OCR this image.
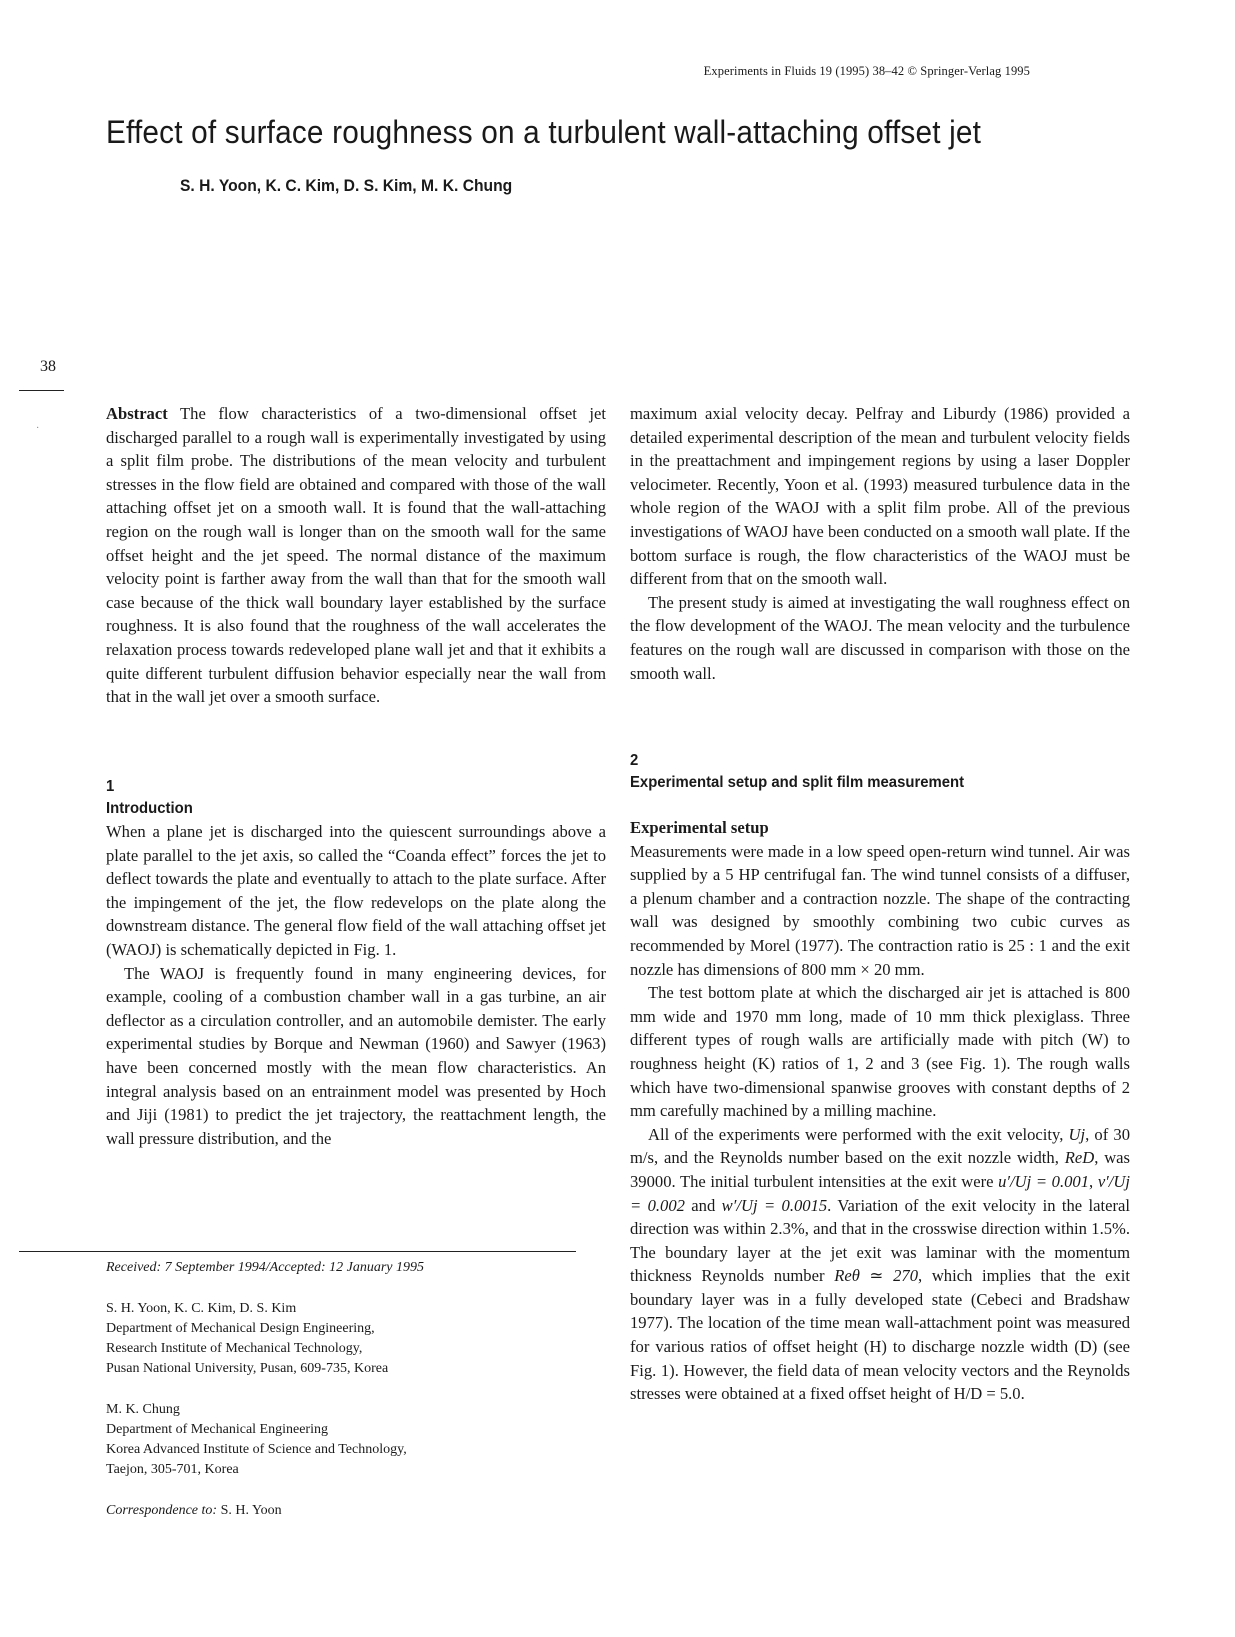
Experiments in Fluids 19 (1995) 38–42 © Springer-Verlag 1995
Effect of surface roughness on a turbulent wall-attaching offset jet
S. H. Yoon, K. C. Kim, D. S. Kim, M. K. Chung
38
·

Abstract The flow characteristics of a two-dimensional offset jet discharged parallel to a rough wall is experimentally investigated by using a split film probe. The distributions of the mean velocity and turbulent stresses in the flow field are obtained and compared with those of the wall attaching offset jet on a smooth wall. It is found that the wall-attaching region on the rough wall is longer than on the smooth wall for the same offset height and the jet speed. The normal distance of the maximum velocity point is farther away from the wall than that for the smooth wall case because of the thick wall boundary layer established by the surface roughness. It is also found that the roughness of the wall accelerates the relaxation process towards redeveloped plane wall jet and that it exhibits a quite different turbulent diffusion behavior especially near the wall from that in the wall jet over a smooth surface.

1
Introduction

When a plane jet is discharged into the quiescent surroundings above a plate parallel to the jet axis, so called the “Coanda effect” forces the jet to deflect towards the plate and eventually to attach to the plate surface. After the impingement of the jet, the flow redevelops on the plate along the downstream distance. The general flow field of the wall attaching offset jet (WAOJ) is schematically depicted in Fig. 1.

The WAOJ is frequently found in many engineering devices, for example, cooling of a combustion chamber wall in a gas turbine, an air deflector as a circulation controller, and an automobile demister. The early experimental studies by Borque and Newman (1960) and Sawyer (1963) have been concerned mostly with the mean flow characteristics. An integral analysis based on an entrainment model was presented by Hoch and Jiji (1981) to predict the jet trajectory, the reattachment length, the wall pressure distribution, and the

Received: 7 September 1994/Accepted: 12 January 1995

S. H. Yoon, K. C. Kim, D. S. Kim

Department of Mechanical Design Engineering,

Research Institute of Mechanical Technology,

Pusan National University, Pusan, 609-735, Korea

M. K. Chung

Department of Mechanical Engineering

Korea Advanced Institute of Science and Technology,

Taejon, 305-701, Korea

Correspondence to: S. H. Yoon

maximum axial velocity decay. Pelfray and Liburdy (1986) provided a detailed experimental description of the mean and turbulent velocity fields in the preattachment and impingement regions by using a laser Doppler velocimeter. Recently, Yoon et al. (1993) measured turbulence data in the whole region of the WAOJ with a split film probe. All of the previous investigations of WAOJ have been conducted on a smooth wall plate. If the bottom surface is rough, the flow characteristics of the WAOJ must be different from that on the smooth wall.

The present study is aimed at investigating the wall roughness effect on the flow development of the WAOJ. The mean velocity and the turbulence features on the rough wall are discussed in comparison with those on the smooth wall.

2
Experimental setup and split film measurement
Experimental setup

Measurements were made in a low speed open-return wind tunnel. Air was supplied by a 5 HP centrifugal fan. The wind tunnel consists of a diffuser, a plenum chamber and a contraction nozzle. The shape of the contracting wall was designed by smoothly combining two cubic curves as recommended by Morel (1977). The contraction ratio is 25 : 1 and the exit nozzle has dimensions of 800 mm × 20 mm.

The test bottom plate at which the discharged air jet is attached is 800 mm wide and 1970 mm long, made of 10 mm thick plexiglass. Three different types of rough walls are artificially made with pitch (W) to roughness height (K) ratios of 1, 2 and 3 (see Fig. 1). The rough walls which have two-dimensional spanwise grooves with constant depths of 2 mm carefully machined by a milling machine.

All of the experiments were performed with the exit velocity, Uj, of 30 m/s, and the Reynolds number based on the exit nozzle width, ReD, was 39000. The initial turbulent intensities at the exit were u′/Uj = 0.001, v′/Uj = 0.002 and w′/Uj = 0.0015. Variation of the exit velocity in the lateral direction was within 2.3%, and that in the crosswise direction within 1.5%. The boundary layer at the jet exit was laminar with the momentum thickness Reynolds number Reθ ≃ 270, which implies that the exit boundary layer was in a fully developed state (Cebeci and Bradshaw 1977). The location of the time mean wall-attachment point was measured for various ratios of offset height (H) to discharge nozzle width (D) (see Fig. 1). However, the field data of mean velocity vectors and the Reynolds stresses were obtained at a fixed offset height of H/D = 5.0.
